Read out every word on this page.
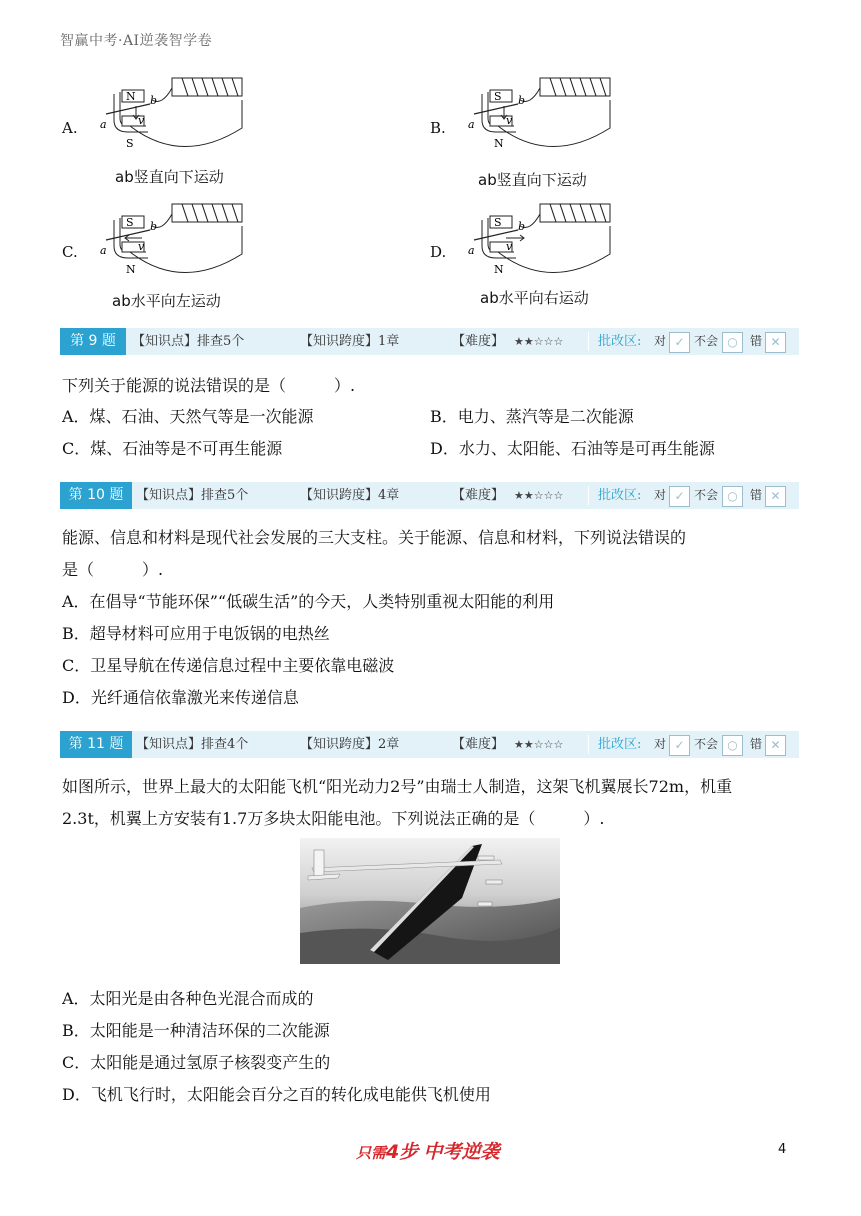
智赢中考·AI逆袭智学卷
A.
ab竖直向下运动
N
S
a
b
v	B.
ab竖直向下运动
S
N
a
b
v
C.
ab水平向左运动
S
N
a
b
v	D.
ab水平向右运动
S
N
a
b
v
第 9 题	【知识点】排查5个	【知识跨度】1章	【难度】 ★★☆☆☆	批改区: 对 ✓ 不会 ○	错 ✕
下列关于能源的说法错误的是（　　　）.
A．煤、石油、天然气等是一次能源	B．电力、蒸汽等是二次能源
C．煤、石油等是不可再生能源	D．水力、太阳能、石油等是可再生能源
第 10 题 【知识点】排查5个	【知识跨度】4章	【难度】 ★★☆☆☆	批改区: 对 ✓ 不会 ○	错 ✕
能源、信息和材料是现代社会发展的三大支柱。关于能源、信息和材料，下列说法错误的
是（　　　）.
A．在倡导“节能环保”“低碳生活”的今天，人类特别重视太阳能的利用
B．超导材料可应用于电饭锅的电热丝
C．卫星导航在传递信息过程中主要依靠电磁波
D．光纤通信依靠激光来传递信息
第 11 题 【知识点】排查4个	【知识跨度】2章	【难度】 ★★☆☆☆	批改区: 对 ✓ 不会 ○	错 ✕
如图所示，世界上最大的太阳能飞机“阳光动力2号”由瑞士人制造，这架飞机翼展长72m，机重
2.3t，机翼上方安装有1.7万多块太阳能电池。下列说法正确的是（　　　）.
A．太阳光是由各种色光混合而成的
B．太阳能是一种清洁环保的二次能源
C．太阳能是通过氢原子核裂变产生的
D．飞机飞行时，太阳能会百分之百的转化成电能供飞机使用
只需4步 中考逆袭	4
